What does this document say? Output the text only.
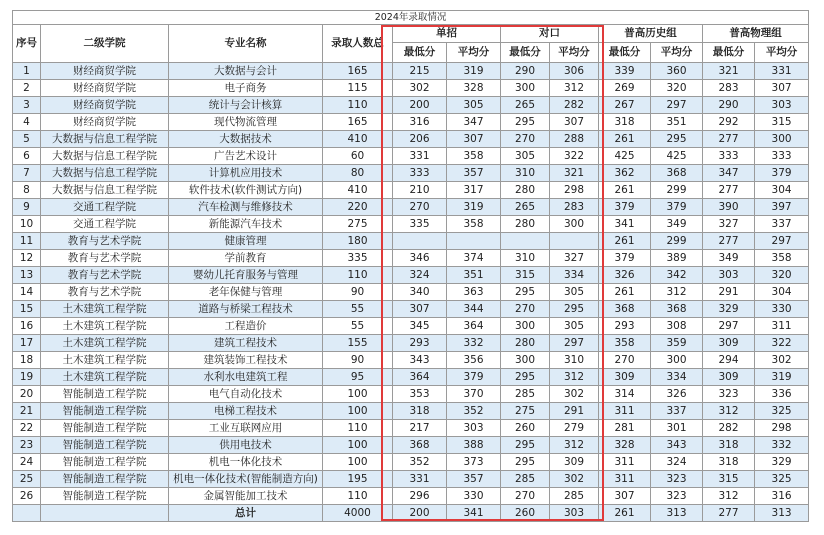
2024年录取情况											
序号	二级学院	专业名称	录取人数总	单招		对口		普高历史组		普高物理组	
				最低分	平均分	最低分	平均分	最低分	平均分	最低分	平均分
1	财经商贸学院	大数据与会计	165	215	319	290	306	339	360	321	331
2	财经商贸学院	电子商务	115	302	328	300	312	269	320	283	307
3	财经商贸学院	统计与会计核算	110	200	305	265	282	267	297	290	303
4	财经商贸学院	现代物流管理	165	316	347	295	307	318	351	292	315
5	大数据与信息工程学院	大数据技术	410	206	307	270	288	261	295	277	300
6	大数据与信息工程学院	广告艺术设计	60	331	358	305	322	425	425	333	333
7	大数据与信息工程学院	计算机应用技术	80	333	357	310	321	362	368	347	379
8	大数据与信息工程学院	软件技术(软件测试方向)	410	210	317	280	298	261	299	277	304
9	交通工程学院	汽车检测与维修技术	220	270	319	265	283	379	379	390	397
10	交通工程学院	新能源汽车技术	275	335	358	280	300	341	349	327	337
11	教育与艺术学院	健康管理	180					261	299	277	297
12	教育与艺术学院	学前教育	335	346	374	310	327	379	389	349	358
13	教育与艺术学院	婴幼儿托育服务与管理	110	324	351	315	334	326	342	303	320
14	教育与艺术学院	老年保健与管理	90	340	363	295	305	261	312	291	304
15	土木建筑工程学院	道路与桥梁工程技术	55	307	344	270	295	368	368	329	330
16	土木建筑工程学院	工程造价	55	345	364	300	305	293	308	297	311
17	土木建筑工程学院	建筑工程技术	155	293	332	280	297	358	359	309	322
18	土木建筑工程学院	建筑装饰工程技术	90	343	356	300	310	270	300	294	302
19	土木建筑工程学院	水利水电建筑工程	95	364	379	295	312	309	334	309	319
20	智能制造工程学院	电气自动化技术	100	353	370	285	302	314	326	323	336
21	智能制造工程学院	电梯工程技术	100	318	352	275	291	311	337	312	325
22	智能制造工程学院	工业互联网应用	110	217	303	260	279	281	301	282	298
23	智能制造工程学院	供用电技术	100	368	388	295	312	328	343	318	332
24	智能制造工程学院	机电一体化技术	100	352	373	295	309	311	324	318	329
25	智能制造工程学院	机电一体化技术(智能制造方向)	195	331	357	285	302	311	323	315	325
26	智能制造工程学院	金属智能加工技术	110	296	330	270	285	307	323	312	316
		总计	4000	200	341	260	303	261	313	277	313
